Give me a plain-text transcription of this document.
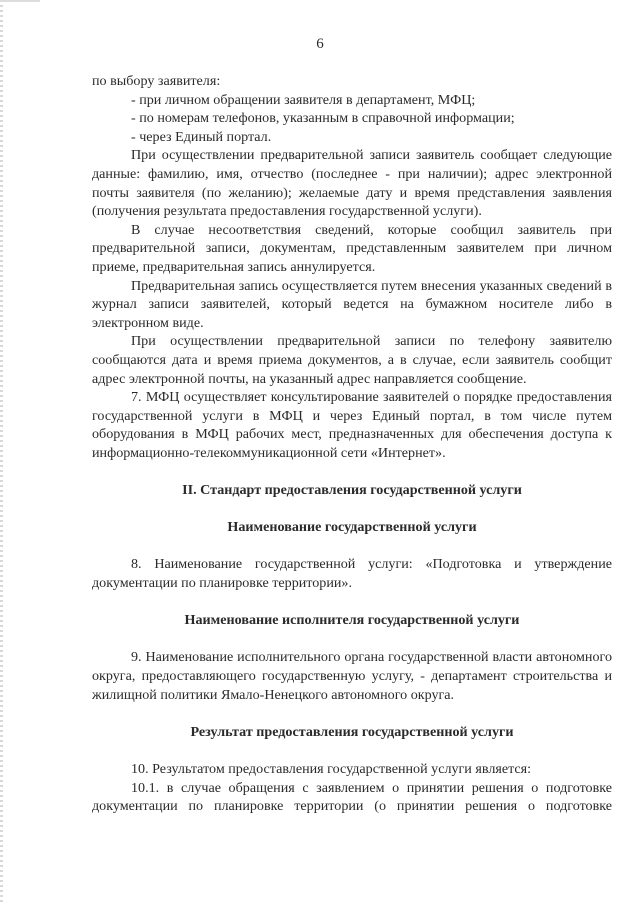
6

по выбору заявителя:

- при личном обращении заявителя в департамент, МФЦ;

- по номерам телефонов, указанным в справочной информации;

- через Единый портал.

При осуществлении предварительной записи заявитель сообщает следующие данные: фамилию, имя, отчество (последнее - при наличии); адрес электронной почты заявителя (по желанию); желаемые дату и время представления заявления (получения результата предоставления государственной услуги).

В случае несоответствия сведений, которые сообщил заявитель при предварительной записи, документам, представленным заявителем при личном приеме, предварительная запись аннулируется.

Предварительная запись осуществляется путем внесения указанных сведений в журнал записи заявителей, который ведется на бумажном носителе либо в электронном виде.

При осуществлении предварительной записи по телефону заявителю сообщаются дата и время приема документов, а в случае, если заявитель сообщит адрес электронной почты, на указанный адрес направляется сообщение.

7. МФЦ осуществляет консультирование заявителей о порядке предоставления государственной услуги в МФЦ и через Единый портал, в том числе путем оборудования в МФЦ рабочих мест, предназначенных для обеспечения доступа к информационно-телекоммуникационной сети «Интернет».

II. Стандарт предоставления государственной услуги
Наименование государственной услуги

8. Наименование государственной услуги: «Подготовка и утверждение документации по планировке территории».

Наименование исполнителя государственной услуги

9. Наименование исполнительного органа государственной власти автономного округа, предоставляющего государственную услугу, - департамент строительства и жилищной политики Ямало-Ненецкого автономного округа.

Результат предоставления государственной услуги

10. Результатом предоставления государственной услуги является:

10.1. в случае обращения с заявлением о принятии решения о подготовке документации по планировке территории (о принятии решения о подготовке
